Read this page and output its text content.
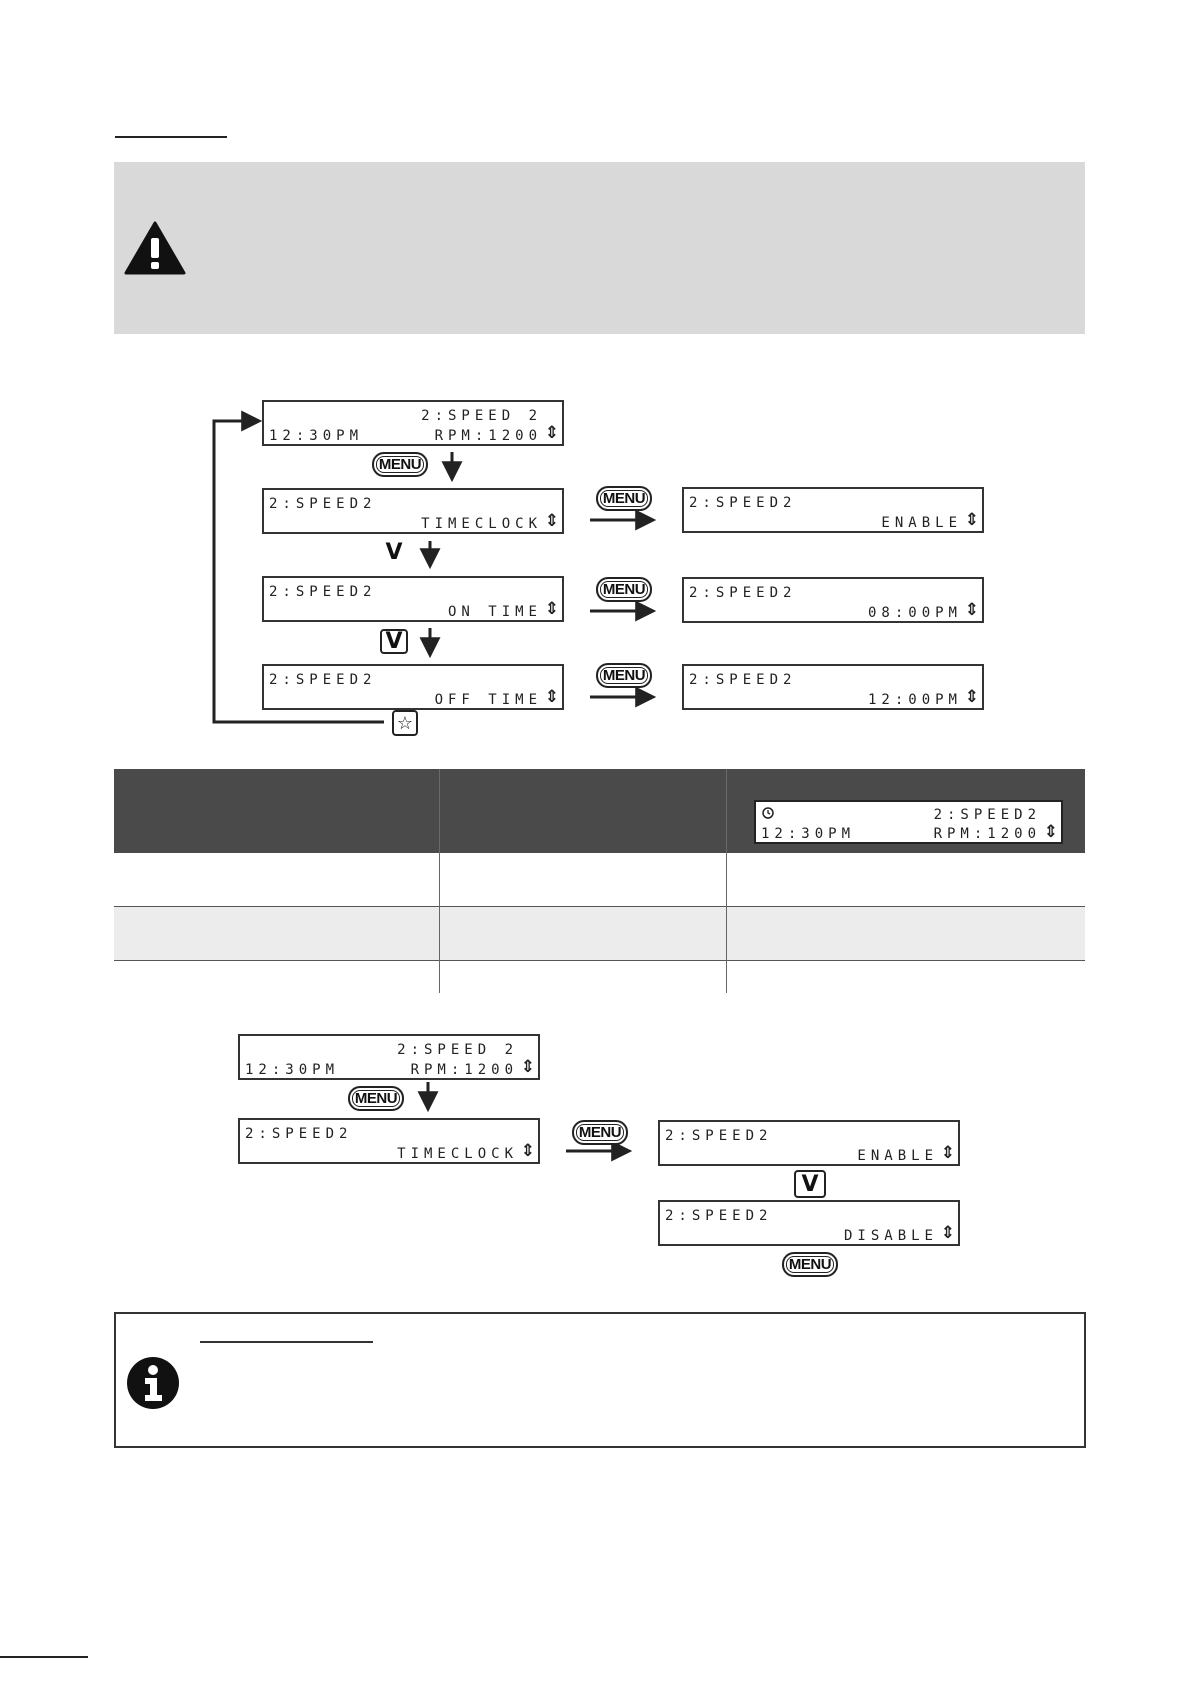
2:SPEED 2
12:30PM	RPM:1200 ⇕
MENU
2:SPEED2
TIMECLOCK ⇕
V
2:SPEED2
ON TIME ⇕
V
2:SPEED2
OFF TIME ⇕
☆
MENU	2:SPEED2
ENABLE ⇕
MENU	2:SPEED2
08:00PM ⇕
MENU	2:SPEED2
12:00PM ⇕
2:SPEED2
12:30PM	RPM:1200 ⇕
2:SPEED 2
12:30PM	RPM:1200 ⇕
MENU
2:SPEED2
TIMECLOCK ⇕
MENU	2:SPEED2
ENABLE ⇕
V
2:SPEED2
DISABLE ⇕
MENU
